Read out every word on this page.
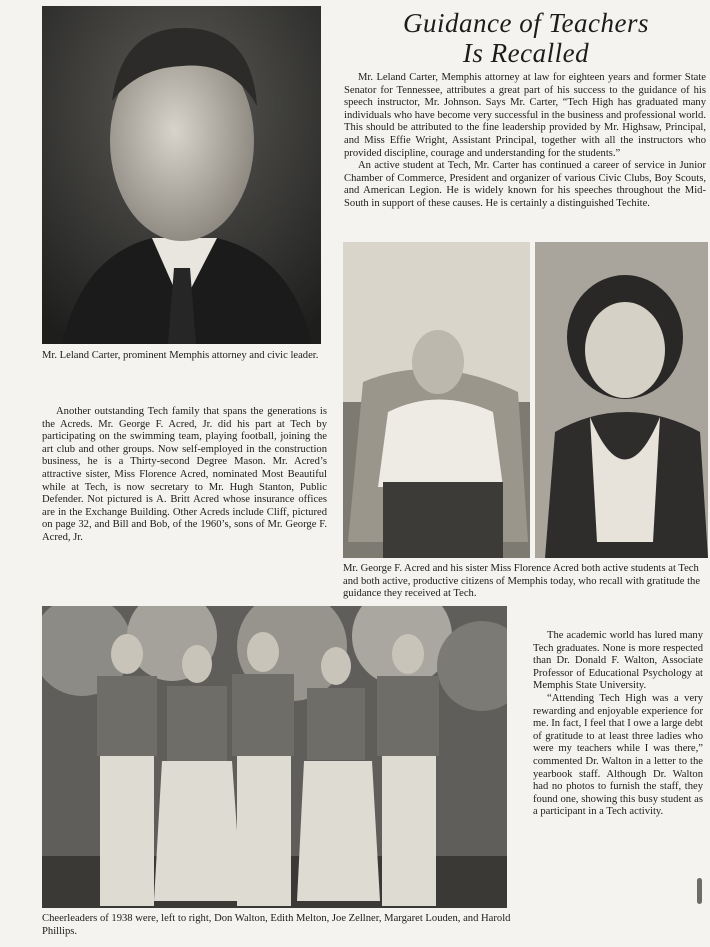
Guidance of Teachers
Is Recalled

Mr. Leland Carter, prominent Memphis attorney and civic leader.

Mr. Leland Carter, Memphis attorney at law for eighteen years and former State Senator for Tennessee, attributes a great part of his success to the guidance of his speech instructor, Mr. Johnson. Says Mr. Carter, “Tech High has graduated many individuals who have become very successful in the business and professional world. This should be attributed to the fine leadership provided by Mr. Highsaw, Principal, and Miss Effie Wright, Assistant Principal, together with all the instructors who provided discipline, courage and understanding for the students.”

An active student at Tech, Mr. Carter has continued a career of service in Junior Chamber of Commerce, President and organizer of various Civic Clubs, Boy Scouts, and American Legion. He is widely known for his speeches throughout the Mid-South in support of these causes. He is certainly a distinguished Techite.

Mr. George F. Acred and his sister Miss Florence Acred both active students at Tech and both active, productive citizens of Memphis today, who recall with gratitude the guidance they received at Tech.

Another outstanding Tech family that spans the generations is the Acreds. Mr. George F. Acred, Jr. did his part at Tech by participating on the swimming team, playing football, joining the art club and other groups. Now self-employed in the construction business, he is a Thirty-second Degree Mason. Mr. Acred’s attractive sister, Miss Florence Acred, nominated Most Beautiful while at Tech, is now secretary to Mr. Hugh Stanton, Public Defender. Not pictured is A. Britt Acred whose insurance offices are in the Exchange Building. Other Acreds include Cliff, pictured on page 32, and Bill and Bob, of the 1960’s, sons of Mr. George F. Acred, Jr.

Cheerleaders of 1938 were, left to right, Don Walton, Edith Melton, Joe Zellner, Margaret Louden, and Harold Phillips.

The academic world has lured many Tech graduates. None is more respected than Dr. Donald F. Walton, Associate Professor of Educational Psychology at Memphis State University.

“Attending Tech High was a very rewarding and enjoyable experience for me. In fact, I feel that I owe a large debt of gratitude to at least three ladies who were my teachers while I was there,” commented Dr. Walton in a letter to the yearbook staff. Although Dr. Walton had no photos to furnish the staff, they found one, showing this busy student as a participant in a Tech activity.
